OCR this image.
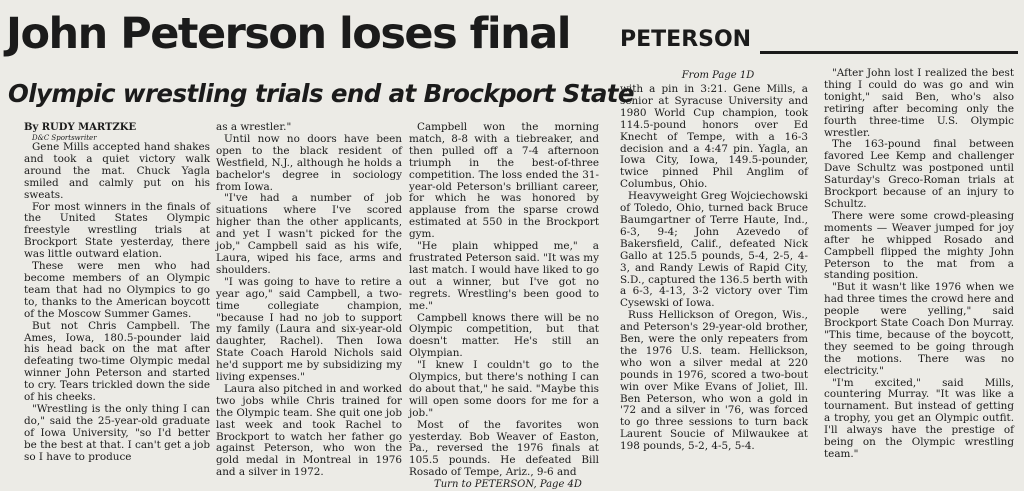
John Peterson loses final
Olympic wrestling trials end at Brockport State
PETERSON

By RUDY MARTZKE

D&C Sportswriter

Gene Mills accepted hand shakes and took a quiet victory walk around the mat. Chuck Yagla smiled and calmly put on his sweats.

For most winners in the finals of the United States Olympic freestyle wrestling trials at Brockport State yesterday, there was little outward elation.

These were men who had become members of an Olympic team that had no Olympics to go to, thanks to the American boycott of the Moscow Summer Games.

But not Chris Campbell. The Ames, Iowa, 180.5-pounder laid his head back on the mat after defeating two-time Olympic medal winner John Peterson and started to cry. Tears trickled down the side of his cheeks.

"Wrestling is the only thing I can do," said the 25-year-old graduate of Iowa University, "so I'd better be the best at that. I can't get a job so I have to produce

as a wrestler."

Until now no doors have been open to the black resident of Westfield, N.J., although he holds a bachelor's degree in sociology from Iowa.

"I've had a number of job situations where I've scored higher than the other applicants, and yet I wasn't picked for the job," Campbell said as his wife, Laura, wiped his face, arms and shoulders.

"I was going to have to retire a year ago," said Campbell, a two-time collegiate champion, "because I had no job to support my family (Laura and six-year-old daughter, Rachel). Then Iowa State Coach Harold Nichols said he'd support me by subsidizing my living expenses."

Laura also pitched in and worked two jobs while Chris trained for the Olympic team. She quit one job last week and took Rachel to Brockport to watch her father go against Peterson, who won the gold medal in Montreal in 1976 and a silver in 1972.

Campbell won the morning match, 8-8 with a tiebreaker, and then pulled off a 7-4 afternoon triumph in the best-of-three competition. The loss ended the 31-year-old Peterson's brilliant career, for which he was honored by applause from the sparse crowd estimated at 550 in the Brockport gym.

"He plain whipped me," a frustrated Peterson said. "It was my last match. I would have liked to go out a winner, but I've got no regrets. Wrestling's been good to me."

Campbell knows there will be no Olympic competition, but that doesn't matter. He's still an Olympian.

"I knew I couldn't go to the Olympics, but there's nothing I can do about that," he said. "Maybe this will open some doors for me for a job."

Most of the favorites won yesterday. Bob Weaver of Easton, Pa., reversed the 1976 finals at 105.5 pounds. He defeated Bill Rosado of Tempe, Ariz., 9-6 and

Turn to PETERSON, Page 4D

From Page 1D

with a pin in 3:21. Gene Mills, a senior at Syracuse University and 1980 World Cup champion, took 114.5-pound honors over Ed Knecht of Tempe, with a 16-3 decision and a 4:47 pin. Yagla, an Iowa City, Iowa, 149.5-pounder, twice pinned Phil Anglim of Columbus, Ohio.

Heavyweight Greg Wojciechowski of Toledo, Ohio, turned back Bruce Baumgartner of Terre Haute, Ind., 6-3, 9-4; John Azevedo of Bakersfield, Calif., defeated Nick Gallo at 125.5 pounds, 5-4, 2-5, 4-3, and Randy Lewis of Rapid City, S.D., captured the 136.5 berth with a 6-3, 4-13, 3-2 victory over Tim Cysewski of Iowa.

Russ Hellickson of Oregon, Wis., and Peterson's 29-year-old brother, Ben, were the only repeaters from the 1976 U.S. team. Hellickson, who won a silver medal at 220 pounds in 1976, scored a two-bout win over Mike Evans of Joliet, Ill. Ben Peterson, who won a gold in '72 and a silver in '76, was forced to go three sessions to turn back Laurent Soucie of Milwaukee at 198 pounds, 5-2, 4-5, 5-4.

"After John lost I realized the best thing I could do was go and win tonight," said Ben, who's also retiring after becoming only the fourth three-time U.S. Olympic wrestler.

The 163-pound final between favored Lee Kemp and challenger Dave Schultz was postponed until Saturday's Greco-Roman trials at Brockport because of an injury to Schultz.

There were some crowd-pleasing moments — Weaver jumped for joy after he whipped Rosado and Campbell flipped the mighty John Peterson to the mat from a standing position.

"But it wasn't like 1976 when we had three times the crowd here and people were yelling," said Brockport State Coach Don Murray. "This time, because of the boycott, they seemed to be going through the motions. There was no electricity."

"I'm excited," said Mills, countering Murray. "It was like a tournament. But instead of getting a trophy, you get an Olympic outfit. I'll always have the prestige of being on the Olympic wrestling team."
